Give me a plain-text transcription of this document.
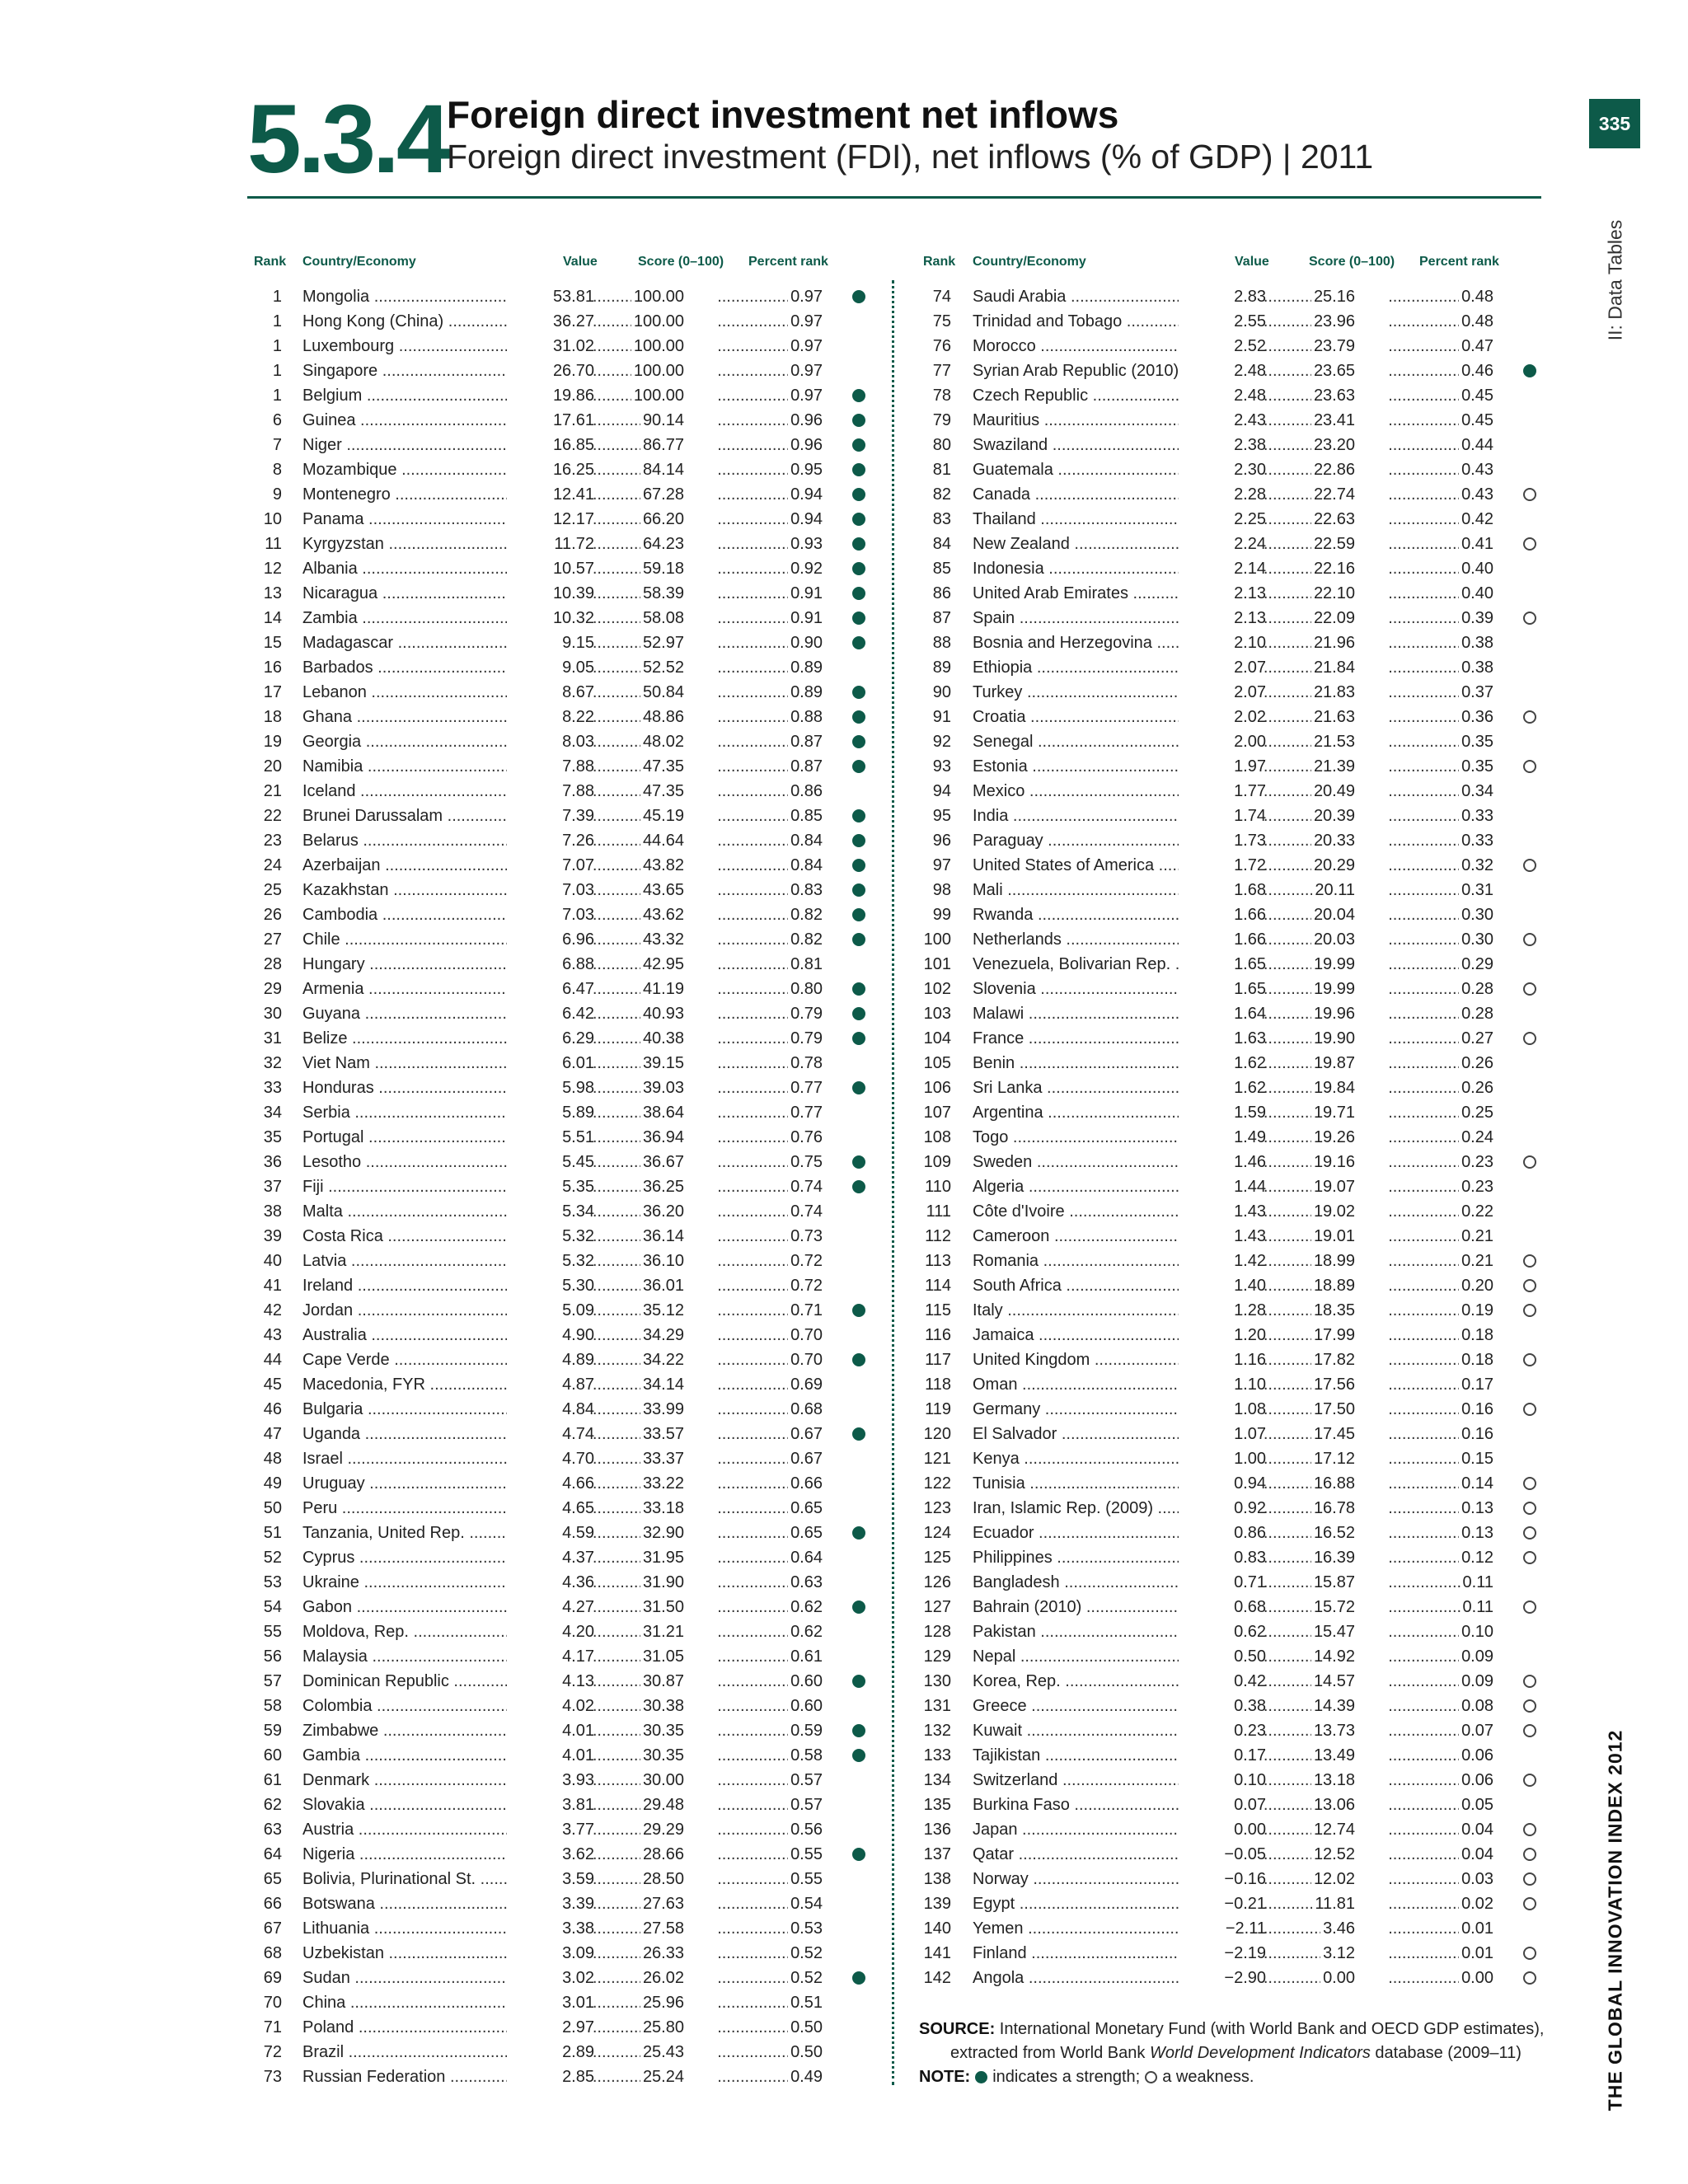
5.3.4 Foreign direct investment net inflows
Foreign direct investment (FDI), net inflows (% of GDP) | 2011
335
II: Data Tables
THE GLOBAL INNOVATION INDEX 2012
Rank Country/Economy	Value	Score (0–100) Percent rank
1 Mongolia .....	53.81	..... 100.00	..... 0.97
1 Hong Kong (China) .....	36.27	..... 100.00	..... 0.97
1 Luxembourg .....	31.02	..... 100.00	..... 0.97
1 Singapore .....	26.70	..... 100.00	..... 0.97
1 Belgium .....	19.86	..... 100.00	..... 0.97
6 Guinea .....	17.61	..... 90.14	..... 0.96
7 Niger .....	16.85	..... 86.77	..... 0.96
8 Mozambique .....	16.25	..... 84.14	..... 0.95
9 Montenegro .....	12.41	..... 67.28	..... 0.94
10 Panama .....	12.17	..... 66.20	..... 0.94
11 Kyrgyzstan .....	11.72	..... 64.23	..... 0.93
12 Albania .....	10.57	..... 59.18	..... 0.92
13 Nicaragua .....	10.39	..... 58.39	..... 0.91
14 Zambia .....	10.32	..... 58.08	..... 0.91
15 Madagascar .....	9.15	..... 52.97	..... 0.90
16 Barbados .....	9.05	..... 52.52	..... 0.89
17 Lebanon .....	8.67	..... 50.84	..... 0.89
18 Ghana .....	8.22	..... 48.86	..... 0.88
19 Georgia .....	8.03	..... 48.02	..... 0.87
20 Namibia .....	7.88	..... 47.35	..... 0.87
21 Iceland .....	7.88	..... 47.35	..... 0.86
22 Brunei Darussalam .....	7.39	..... 45.19	..... 0.85
23 Belarus .....	7.26	..... 44.64	..... 0.84
24 Azerbaijan .....	7.07	..... 43.82	..... 0.84
25 Kazakhstan .....	7.03	..... 43.65	..... 0.83
26 Cambodia .....	7.03	..... 43.62	..... 0.82
27 Chile .....	6.96	..... 43.32	..... 0.82
28 Hungary .....	6.88	..... 42.95	..... 0.81
29 Armenia .....	6.47	..... 41.19	..... 0.80
30 Guyana .....	6.42	..... 40.93	..... 0.79
31 Belize .....	6.29	..... 40.38	..... 0.79
32 Viet Nam .....	6.01	..... 39.15	..... 0.78
33 Honduras .....	5.98	..... 39.03	..... 0.77
34 Serbia .....	5.89	..... 38.64	..... 0.77
35 Portugal .....	5.51	..... 36.94	..... 0.76
36 Lesotho .....	5.45	..... 36.67	..... 0.75
37 Fiji .....	5.35	..... 36.25	..... 0.74
38 Malta .....	5.34	..... 36.20	..... 0.74
39 Costa Rica .....	5.32	..... 36.14	..... 0.73
40 Latvia .....	5.32	..... 36.10	..... 0.72
41 Ireland .....	5.30	..... 36.01	..... 0.72
42 Jordan .....	5.09	..... 35.12	..... 0.71
43 Australia .....	4.90	..... 34.29	..... 0.70
44 Cape Verde .....	4.89	..... 34.22	..... 0.70
45 Macedonia, FYR .....	4.87	..... 34.14	..... 0.69
46 Bulgaria .....	4.84	..... 33.99	..... 0.68
47 Uganda .....	4.74	..... 33.57	..... 0.67
48 Israel .....	4.70	..... 33.37	..... 0.67
49 Uruguay .....	4.66	..... 33.22	..... 0.66
50 Peru .....	4.65	..... 33.18	..... 0.65
51 Tanzania, United Rep. .....	4.59	..... 32.90	..... 0.65
52 Cyprus .....	4.37	..... 31.95	..... 0.64
53 Ukraine .....	4.36	..... 31.90	..... 0.63
54 Gabon .....	4.27	..... 31.50	..... 0.62
55 Moldova, Rep. .....	4.20	..... 31.21	..... 0.62
56 Malaysia .....	4.17	..... 31.05	..... 0.61
57 Dominican Republic .....	4.13	..... 30.87	..... 0.60
58 Colombia .....	4.02	..... 30.38	..... 0.60
59 Zimbabwe .....	4.01	..... 30.35	..... 0.59
60 Gambia .....	4.01	..... 30.35	..... 0.58
61 Denmark .....	3.93	..... 30.00	..... 0.57
62 Slovakia .....	3.81	..... 29.48	..... 0.57
63 Austria .....	3.77	..... 29.29	..... 0.56
64 Nigeria .....	3.62	..... 28.66	..... 0.55
65 Bolivia, Plurinational St. .....	3.59	..... 28.50	..... 0.55
66 Botswana .....	3.39	..... 27.63	..... 0.54
67 Lithuania .....	3.38	..... 27.58	..... 0.53
68 Uzbekistan .....	3.09	..... 26.33	..... 0.52
69 Sudan .....	3.02	..... 26.02	..... 0.52
70 China .....	3.01	..... 25.96	..... 0.51
71 Poland .....	2.97	..... 25.80	..... 0.50
72 Brazil .....	2.89	..... 25.43	..... 0.50
73 Russian Federation .....	2.85	..... 25.24	..... 0.49
Rank Country/Economy	Value	Score (0–100) Percent rank
74 Saudi Arabia .....	2.83	..... 25.16	..... 0.48
75 Trinidad and Tobago .....	2.55	..... 23.96	..... 0.48
76 Morocco .....	2.52	..... 23.79	..... 0.47
77 Syrian Arab Republic (2010) .....	2.48	..... 23.65	..... 0.46
78 Czech Republic .....	2.48	..... 23.63	..... 0.45
79 Mauritius .....	2.43	..... 23.41	..... 0.45
80 Swaziland .....	2.38	..... 23.20	..... 0.44
81 Guatemala .....	2.30	..... 22.86	..... 0.43
82 Canada .....	2.28	..... 22.74	..... 0.43
83 Thailand .....	2.25	..... 22.63	..... 0.42
84 New Zealand .....	2.24	..... 22.59	..... 0.41
85 Indonesia .....	2.14	..... 22.16	..... 0.40
86 United Arab Emirates .....	2.13	..... 22.10	..... 0.40
87 Spain .....	2.13	..... 22.09	..... 0.39
88 Bosnia and Herzegovina .....	2.10	..... 21.96	..... 0.38
89 Ethiopia .....	2.07	..... 21.84	..... 0.38
90 Turkey .....	2.07	..... 21.83	..... 0.37
91 Croatia .....	2.02	..... 21.63	..... 0.36
92 Senegal .....	2.00	..... 21.53	..... 0.35
93 Estonia .....	1.97	..... 21.39	..... 0.35
94 Mexico .....	1.77	..... 20.49	..... 0.34
95 India .....	1.74	..... 20.39	..... 0.33
96 Paraguay .....	1.73	..... 20.33	..... 0.33
97 United States of America .....	1.72	..... 20.29	..... 0.32
98 Mali .....	1.68	..... 20.11	..... 0.31
99 Rwanda .....	1.66	..... 20.04	..... 0.30
100 Netherlands .....	1.66	..... 20.03	..... 0.30
101 Venezuela, Bolivarian Rep. .....	1.65	..... 19.99	..... 0.29
102 Slovenia .....	1.65	..... 19.99	..... 0.28
103 Malawi .....	1.64	..... 19.96	..... 0.28
104 France .....	1.63	..... 19.90	..... 0.27
105 Benin .....	1.62	..... 19.87	..... 0.26
106 Sri Lanka .....	1.62	..... 19.84	..... 0.26
107 Argentina .....	1.59	..... 19.71	..... 0.25
108 Togo .....	1.49	..... 19.26	..... 0.24
109 Sweden .....	1.46	..... 19.16	..... 0.23
110 Algeria .....	1.44	..... 19.07	..... 0.23
111 Côte d'Ivoire .....	1.43	..... 19.02	..... 0.22
112 Cameroon .....	1.43	..... 19.01	..... 0.21
113 Romania .....	1.42	..... 18.99	..... 0.21
114 South Africa .....	1.40	..... 18.89	..... 0.20
115 Italy .....	1.28	..... 18.35	..... 0.19
116 Jamaica .....	1.20	..... 17.99	..... 0.18
117 United Kingdom .....	1.16	..... 17.82	..... 0.18
118 Oman .....	1.10	..... 17.56	..... 0.17
119 Germany .....	1.08	..... 17.50	..... 0.16
120 El Salvador .....	1.07	..... 17.45	..... 0.16
121 Kenya .....	1.00	..... 17.12	..... 0.15
122 Tunisia .....	0.94	..... 16.88	..... 0.14
123 Iran, Islamic Rep. (2009) .....	0.92	..... 16.78	..... 0.13
124 Ecuador .....	0.86	..... 16.52	..... 0.13
125 Philippines .....	0.83	..... 16.39	..... 0.12
126 Bangladesh .....	0.71	..... 15.87	..... 0.11
127 Bahrain (2010) .....	0.68	..... 15.72	..... 0.11
128 Pakistan .....	0.62	..... 15.47	..... 0.10
129 Nepal .....	0.50	..... 14.92	..... 0.09
130 Korea, Rep. .....	0.42	..... 14.57	..... 0.09
131 Greece .....	0.38	..... 14.39	..... 0.08
132 Kuwait .....	0.23	..... 13.73	..... 0.07
133 Tajikistan .....	0.17	..... 13.49	..... 0.06
134 Switzerland .....	0.10	..... 13.18	..... 0.06
135 Burkina Faso .....	0.07	..... 13.06	..... 0.05
136 Japan .....	0.00	..... 12.74	..... 0.04
137 Qatar .....	−0.05	..... 12.52	..... 0.04
138 Norway .....	−0.16	..... 12.02	..... 0.03
139 Egypt .....	−0.21	..... 11.81	..... 0.02
140 Yemen .....	−2.11	..... 3.46	..... 0.01
141 Finland .....	−2.19	..... 3.12	..... 0.01
142 Angola .....	−2.90	..... 0.00	..... 0.00
SOURCE: International Monetary Fund (with World Bank and OECD GDP estimates),
extracted from World Bank World Development Indicators database (2009–11)
NOTE: indicates a strength; a weakness.
